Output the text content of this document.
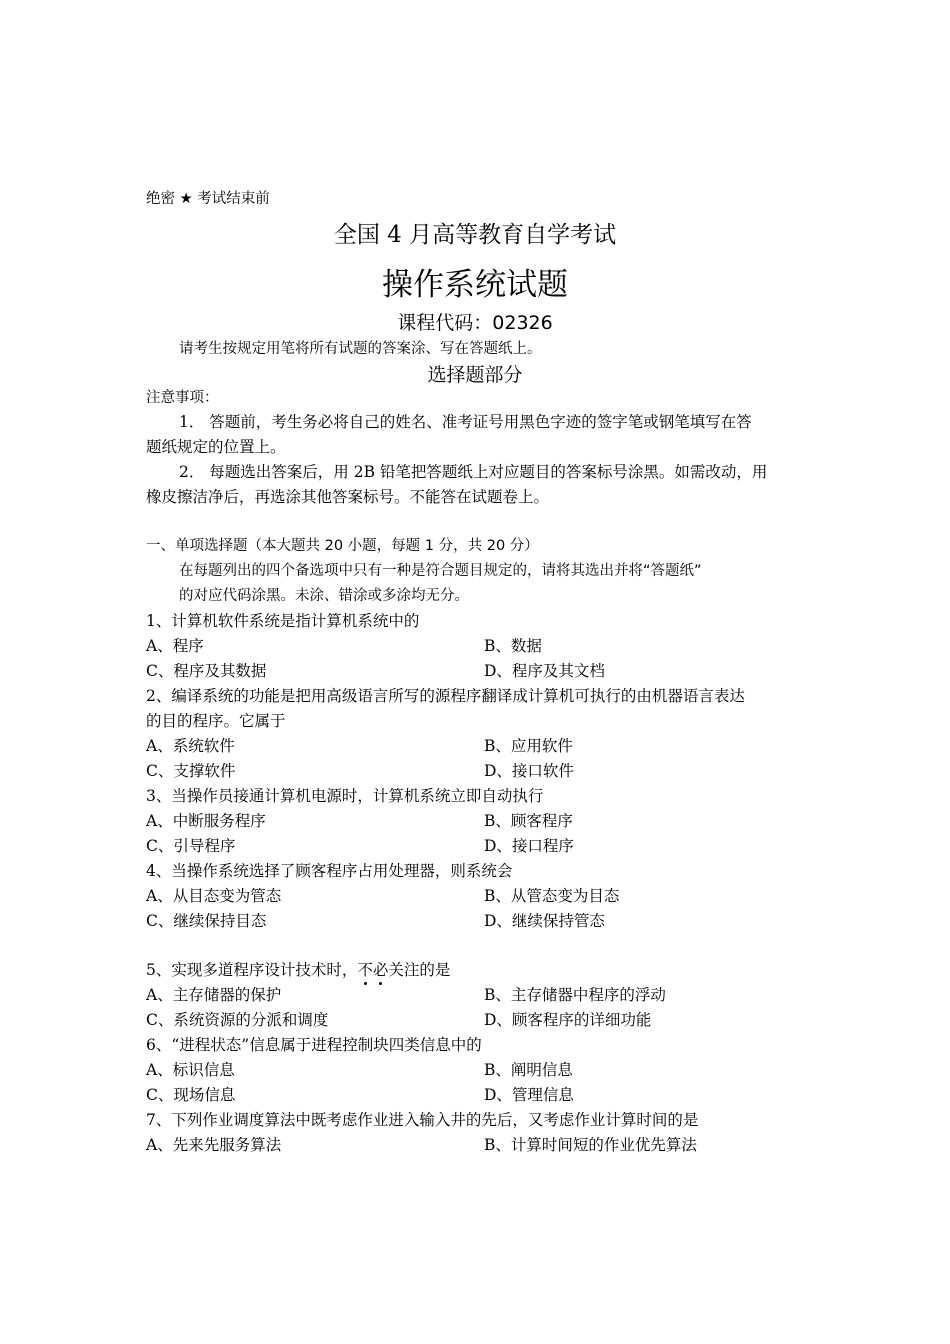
绝密 ★ 考试结束前
全国 4 月高等教育自学考试
操作系统试题
课程代码：02326
请考生按规定用笔将所有试题的答案涂、写在答题纸上。
选择题部分
注意事项：
1． 答题前，考生务必将自己的姓名、准考证号用黑色字迹的签字笔或钢笔填写在答
题纸规定的位置上。
2． 每题选出答案后，用 2B 铅笔把答题纸上对应题目的答案标号涂黑。如需改动，用
橡皮擦洁净后，再选涂其他答案标号。不能答在试题卷上。
一、单项选择题（本大题共 20 小题，每题 1 分，共 20 分）
在每题列出的四个备选项中只有一种是符合题目规定的，请将其选出并将“答题纸”
的对应代码涂黑。未涂、错涂或多涂均无分。
1、计算机软件系统是指计算机系统中的
A、程序	B、数据
C、程序及其数据	D、程序及其文档
2、编译系统的功能是把用高级语言所写的源程序翻译成计算机可执行的由机器语言表达
的目的程序。它属于
A、系统软件	B、应用软件
C、支撑软件	D、接口软件
3、当操作员接通计算机电源时，计算机系统立即自动执行
A、中断服务程序	B、顾客程序
C、引导程序	D、接口程序
4、当操作系统选择了顾客程序占用处理器，则系统会
A、从目态变为管态	B、从管态变为目态
C、继续保持目态	D、继续保持管态
5、实现多道程序设计技术时，不必关注的是
A、主存储器的保护	B、主存储器中程序的浮动
C、系统资源的分派和调度	D、顾客程序的详细功能
6、“进程状态”信息属于进程控制块四类信息中的
A、标识信息	B、阐明信息
C、现场信息	D、管理信息
7、下列作业调度算法中既考虑作业进入输入井的先后，又考虑作业计算时间的是
A、先来先服务算法	B、计算时间短的作业优先算法
